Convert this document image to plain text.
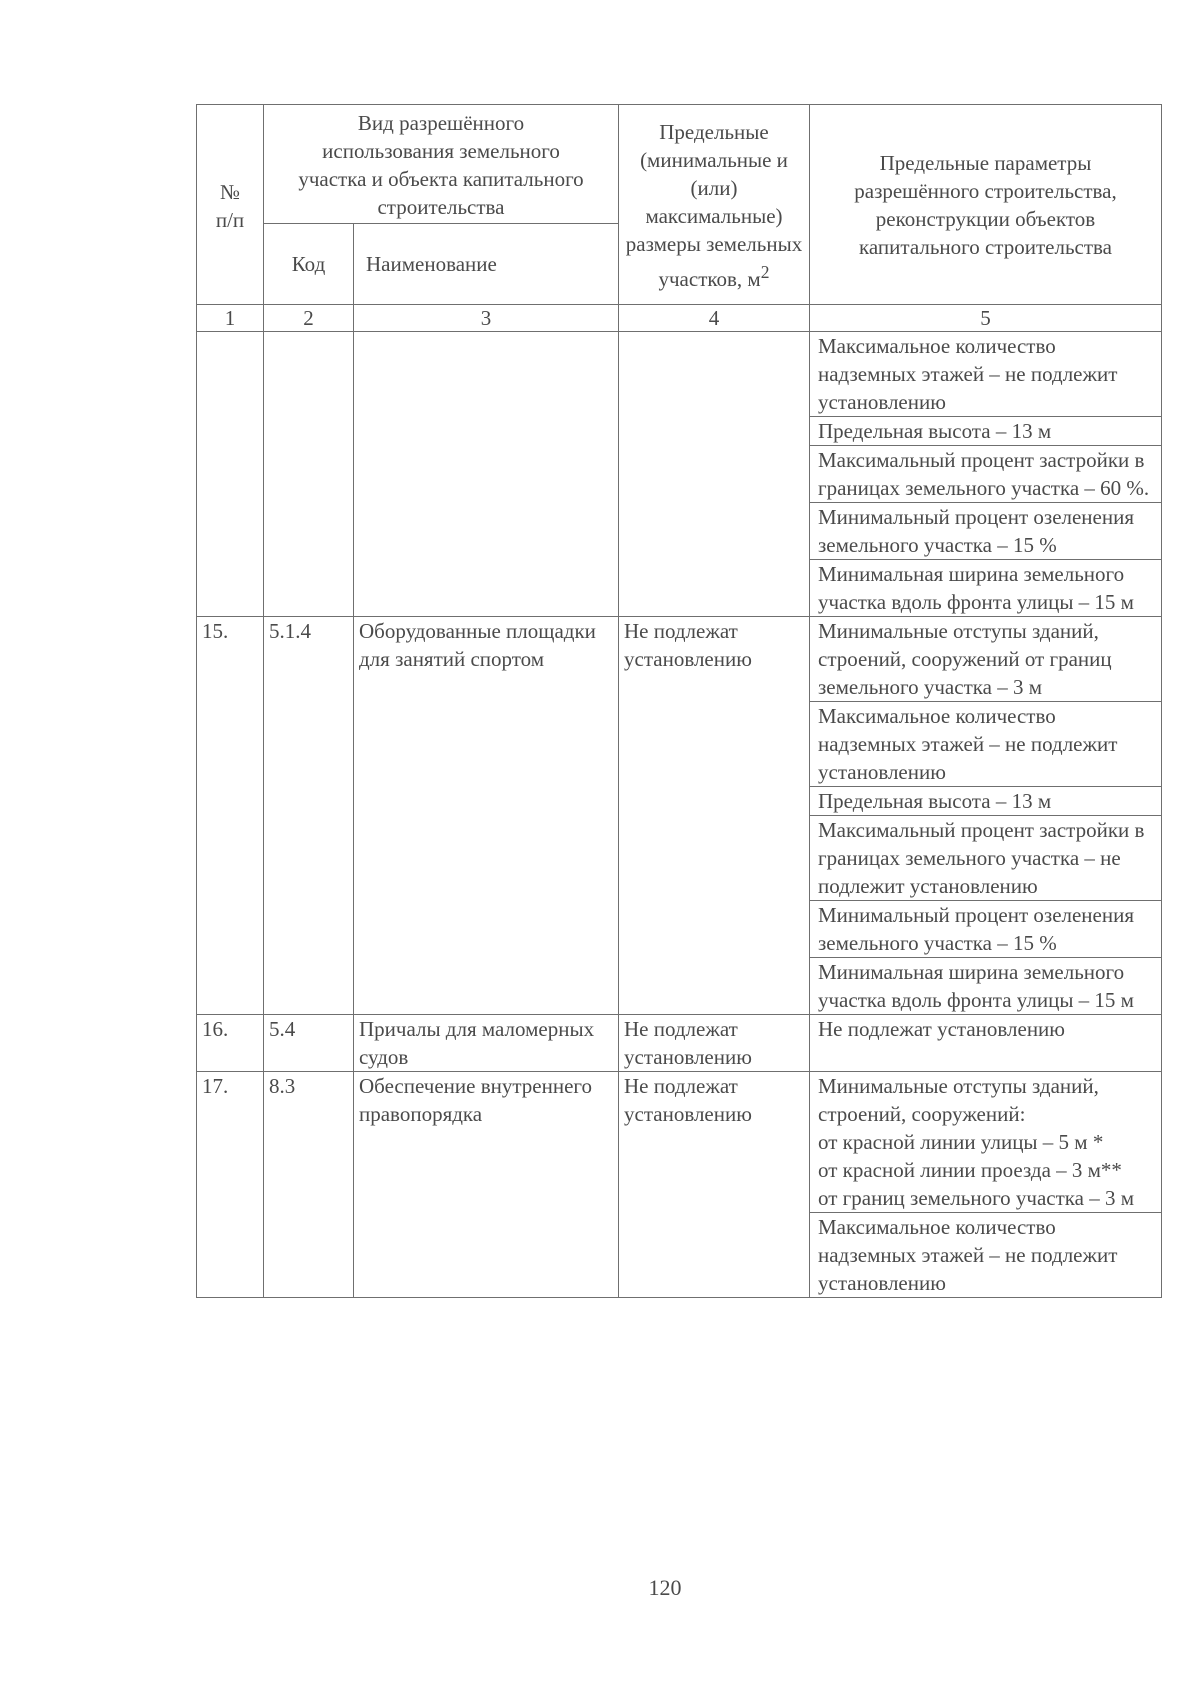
№
п/п	Вид разрешённого использования земельного участка и объекта капитального строительства		Предельные (минимальные и (или) максимальные) размеры земельных участков, $м^2$	Предельные параметры разрешённого строительства, реконструкции объектов капитального строительства
	Код	Наименование		
1	2	3	4	5
				Максимальное количество надземных этажей – не подлежит установлению
				Предельная высота – 13 м
				Максимальный процент застройки в границах земельного участка – 60 %.
				Минимальный процент озеленения земельного участка – 15 %
				Минимальная ширина земельного участка вдоль фронта улицы – 15 м
15.	5.1.4	Оборудованные площадки для занятий спортом	Не подлежат установлению	Минимальные отступы зданий, строений, сооружений от границ земельного участка – 3 м
				Максимальное количество надземных этажей – не подлежит установлению
				Предельная высота – 13 м
				Максимальный процент застройки в границах земельного участка – не подлежит установлению
				Минимальный процент озеленения земельного участка – 15 %
				Минимальная ширина земельного участка вдоль фронта улицы – 15 м
16.	5.4	Причалы для маломерных судов	Не подлежат установлению	Не подлежат установлению
17.	8.3	Обеспечение внутреннего правопорядка	Не подлежат установлению	Минимальные отступы зданий, строений, сооружений:
от красной линии улицы – 5 м *
от красной линии проезда – 3 м**
от границ земельного участка – 3 м
				Максимальное количество надземных этажей – не подлежит установлению
120
